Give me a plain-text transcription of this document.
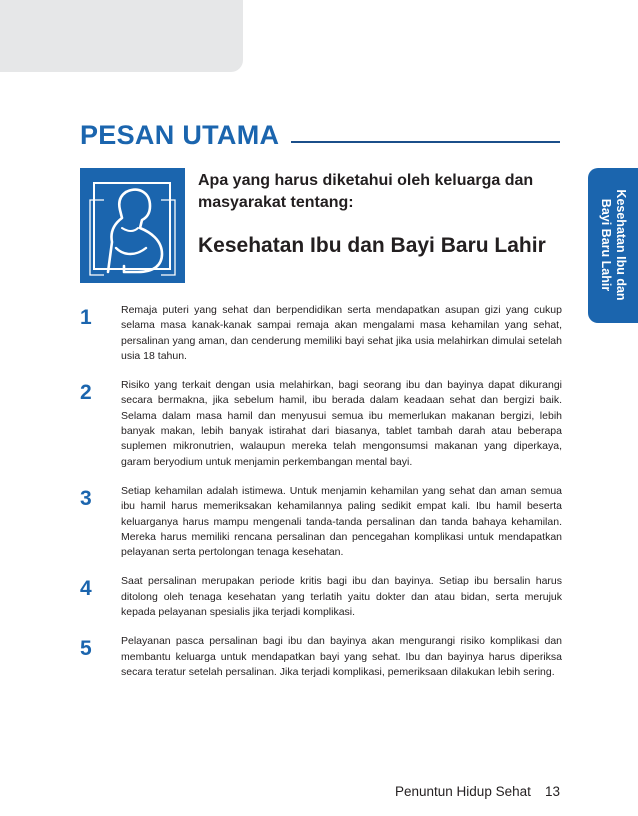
PESAN UTAMA
Apa yang harus diketahui oleh keluarga dan masyarakat tentang:
Kesehatan Ibu dan Bayi Baru Lahir	Kesehatan Ibu dan
Bayi Baru Lahir
1	Remaja puteri yang sehat dan berpendidikan serta mendapatkan asupan gizi yang cukup selama masa kanak-kanak sampai remaja akan mengalami masa kehamilan yang sehat, persalinan yang aman, dan cenderung memiliki bayi sehat jika usia melahirkan dimulai setelah usia 18 tahun.

2	Risiko yang terkait dengan usia melahirkan, bagi seorang ibu dan bayinya dapat dikurangi secara bermakna, jika sebelum hamil, ibu berada dalam keadaan sehat dan bergizi baik. Selama dalam masa hamil dan menyusui semua ibu memerlukan makanan bergizi, lebih banyak makan, lebih banyak istirahat dari biasanya, tablet tambah darah atau beberapa suplemen mikronutrien, walaupun mereka telah mengonsumsi makanan yang diperkaya, garam beryodium untuk menjamin perkembangan mental bayi.

3	Setiap kehamilan adalah istimewa. Untuk menjamin kehamilan yang sehat dan aman semua ibu hamil harus memeriksakan kehamilannya paling sedikit empat kali. Ibu hamil beserta keluarganya harus mampu mengenali tanda-tanda persalinan dan tanda bahaya kehamilan. Mereka harus memiliki rencana persalinan dan pencegahan komplikasi untuk mendapatkan pelayanan serta pertolongan tenaga kesehatan.

4	Saat persalinan merupakan periode kritis bagi ibu dan bayinya. Setiap ibu bersalin harus ditolong oleh tenaga kesehatan yang terlatih yaitu dokter dan atau bidan, serta merujuk kepada pelayanan spesialis jika terjadi komplikasi.

5	Pelayanan pasca persalinan bagi ibu dan bayinya akan mengurangi risiko komplikasi dan membantu keluarga untuk mendapatkan bayi yang sehat. Ibu dan bayinya harus diperiksa secara teratur setelah persalinan. Jika terjadi komplikasi, pemeriksaan dilakukan lebih sering.

Penuntun Hidup Sehat 13
